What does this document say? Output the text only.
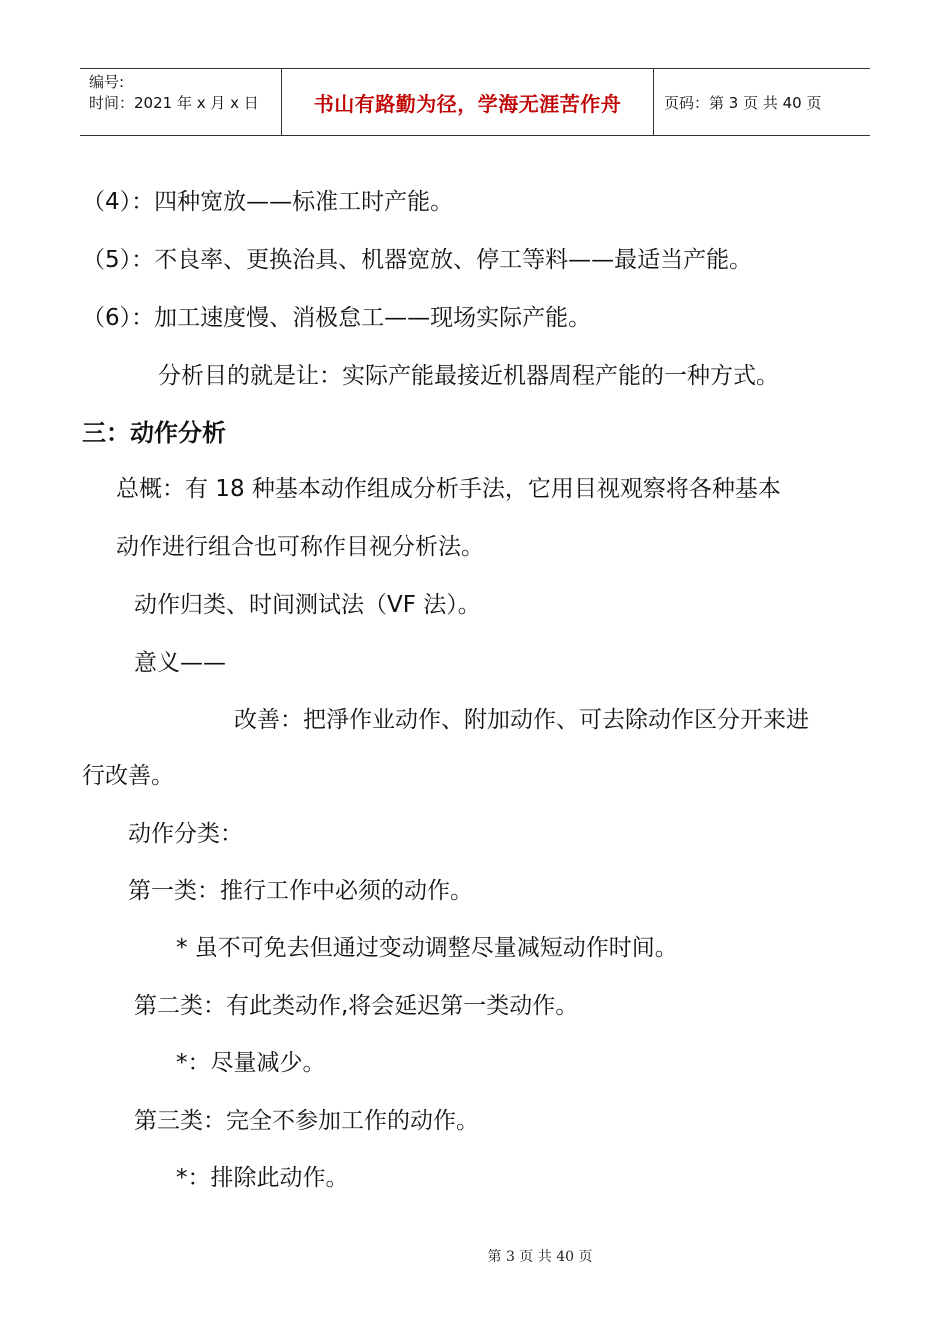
编号:
时间：2021 年 x 月 x 日	书山有路勤为径，学海无涯苦作舟	页码：第 3 页 共 40 页
（4）：四种宽放——标准工时产能。
（5）：不良率、更换治具、机器宽放、停工等料——最适当产能。
（6）：加工速度慢、消极怠工——现场实际产能。
分析目的就是让：实际产能最接近机器周程产能的一种方式。
三：动作分析
总概：有 18 种基本动作组成分析手法，它用目视观察将各种基本
动作进行组合也可称作目视分析法。
动作归类、时间测试法（VF 法）。
意义——
改善：把淨作业动作、附加动作、可去除动作区分开来进
行改善。
动作分类：
第一类：推行工作中必须的动作。
* 虽不可免去但通过变动调整尽量减短动作时间。
第二类：有此类动作,将会延迟第一类动作。
*：尽量减少。
第三类：完全不参加工作的动作。
*：排除此动作。
第 3 页 共 40 页
